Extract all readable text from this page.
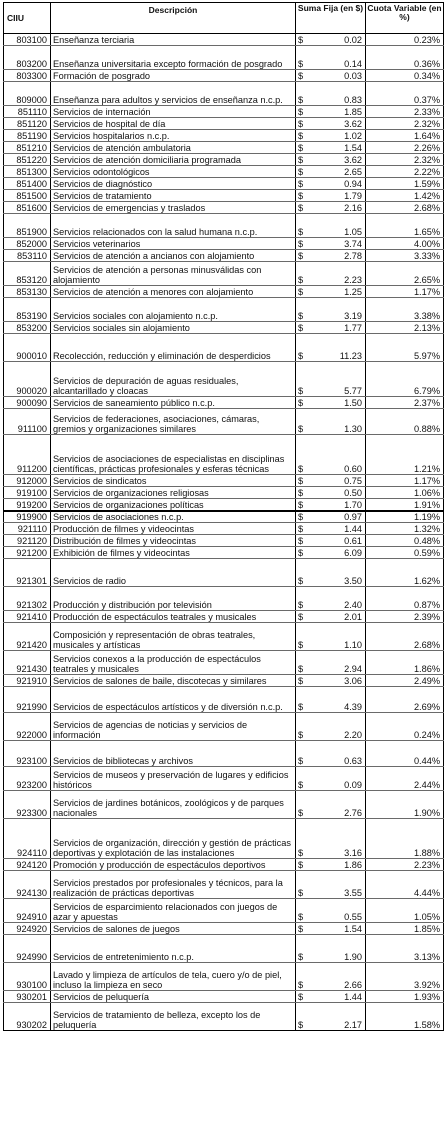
CIIU	Descripción	Suma Fija (en $)		Cuota Variable (en %)
803100	Enseñanza terciaria	$	0.02	0.23%
803200	Enseñanza universitaria excepto formación de posgrado	$	0.14	0.36%
803300	Formación de posgrado	$	0.03	0.34%
809000	Enseñanza para adultos y servicios de enseñanza n.c.p.	$	0.83	0.37%
851110	Servicios de internación	$	1.85	2.33%
851120	Servicios de hospital de día	$	3.62	2.32%
851190	Servicios hospitalarios n.c.p.	$	1.02	1.64%
851210	Servicios de atención ambulatoria	$	1.54	2.26%
851220	Servicios de atención domiciliaria programada	$	3.62	2.32%
851300	Servicios odontológicos	$	2.65	2.22%
851400	Servicios de diagnóstico	$	0.94	1.59%
851500	Servicios de tratamiento	$	1.79	1.42%
851600	Servicios de emergencias y traslados	$	2.16	2.68%
851900	Servicios relacionados con la salud humana n.c.p.	$	1.05	1.65%
852000	Servicios veterinarios	$	3.74	4.00%
853110	Servicios de atención a ancianos con alojamiento	$	2.78	3.33%
853120	Servicios de atención a personas minusválidas con alojamiento	$	2.23	2.65%
853130	Servicios de atención a menores con alojamiento	$	1.25	1.17%
853190	Servicios sociales con alojamiento n.c.p.	$	3.19	3.38%
853200	Servicios sociales sin alojamiento	$	1.77	2.13%
900010	Recolección, reducción y eliminación de desperdicios	$	11.23	5.97%
900020	Servicios de depuración de aguas residuales, alcantarillado y cloacas	$	5.77	6.79%
900090	Servicios de saneamiento público n.c.p.	$	1.50	2.37%
911100	Servicios de federaciones, asociaciones, cámaras, gremios y organizaciones similares	$	1.30	0.88%
911200	Servicios de asociaciones de especialistas en disciplinas científicas, prácticas profesionales y esferas técnicas	$	0.60	1.21%
912000	Servicios de sindicatos	$	0.75	1.17%
919100	Servicios de organizaciones religiosas	$	0.50	1.06%
919200	Servicios de organizaciones políticas	$	1.70	1.91%
919900	Servicios de asociaciones n.c.p.	$	0.97	1.19%
921110	Producción de filmes y videocintas	$	1.44	1.32%
921120	Distribución de filmes y videocintas	$	0.61	0.48%
921200	Exhibición de filmes y videocintas	$	6.09	0.59%
921301	Servicios de radio	$	3.50	1.62%
921302	Producción y distribución por televisión	$	2.40	0.87%
921410	Producción de espectáculos teatrales y musicales	$	2.01	2.39%
921420	Composición y representación de obras teatrales, musicales y artísticas	$	1.10	2.68%
921430	Servicios conexos a la producción de espectáculos teatrales y musicales	$	2.94	1.86%
921910	Servicios de salones de baile, discotecas y similares	$	3.06	2.49%
921990	Servicios de espectáculos artísticos y de diversión n.c.p.	$	4.39	2.69%
922000	Servicios de agencias de noticias y servicios de información	$	2.20	0.24%
923100	Servicios de bibliotecas y archivos	$	0.63	0.44%
923200	Servicios de museos y preservación de lugares y edificios históricos	$	0.09	2.44%
923300	Servicios de jardines botánicos, zoológicos y de parques nacionales	$	2.76	1.90%
924110	Servicios de organización, dirección y gestión de prácticas deportivas y explotación de las instalaciones	$	3.16	1.88%
924120	Promoción y producción de espectáculos deportivos	$	1.86	2.23%
924130	Servicios prestados por profesionales y técnicos, para la realización de prácticas deportivas	$	3.55	4.44%
924910	Servicios de esparcimiento relacionados con juegos de azar y apuestas	$	0.55	1.05%
924920	Servicios de salones de juegos	$	1.54	1.85%
924990	Servicios de entretenimiento n.c.p.	$	1.90	3.13%
930100	Lavado y limpieza de artículos de tela, cuero y/o de piel, incluso la limpieza en seco	$	2.66	3.92%
930201	Servicios de peluquería	$	1.44	1.93%
930202	Servicios de tratamiento de belleza, excepto los de peluquería	$	2.17	1.58%
